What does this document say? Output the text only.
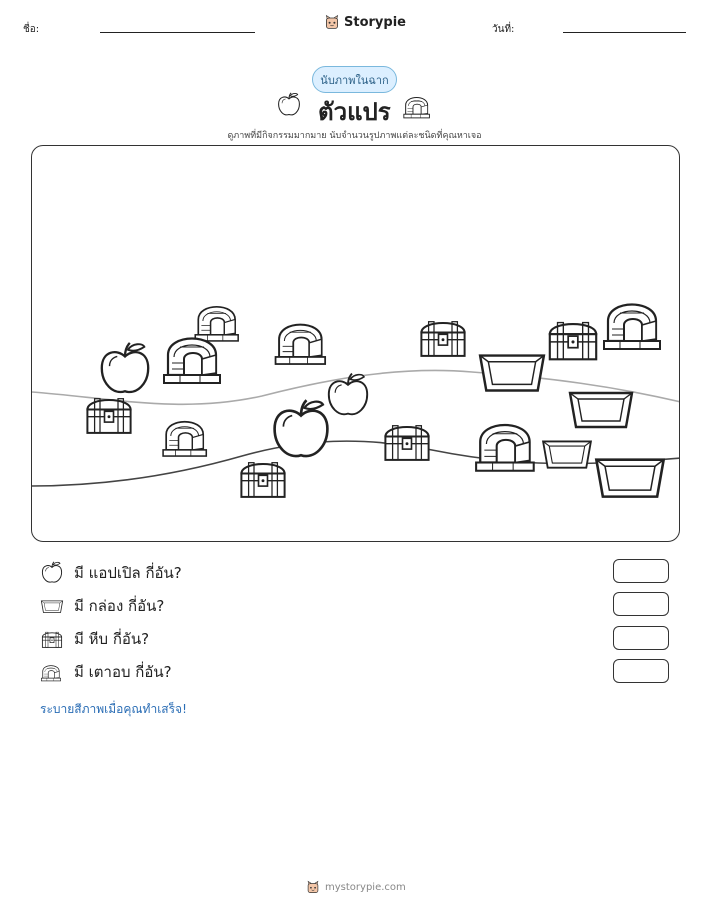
ชื่อ:	Storypie	วันที่:
นับภาพในฉาก
ตัวแปร
ดูภาพที่มีกิจกรรมมากมาย นับจำนวนรูปภาพแต่ละชนิดที่คุณหาเจอ
มี แอปเปิล กี่อัน?
มี กล่อง กี่อัน?
มี หีบ กี่อัน?
มี เตาอบ กี่อัน?
ระบายสีภาพเมื่อคุณทำเสร็จ!
mystorypie.com
